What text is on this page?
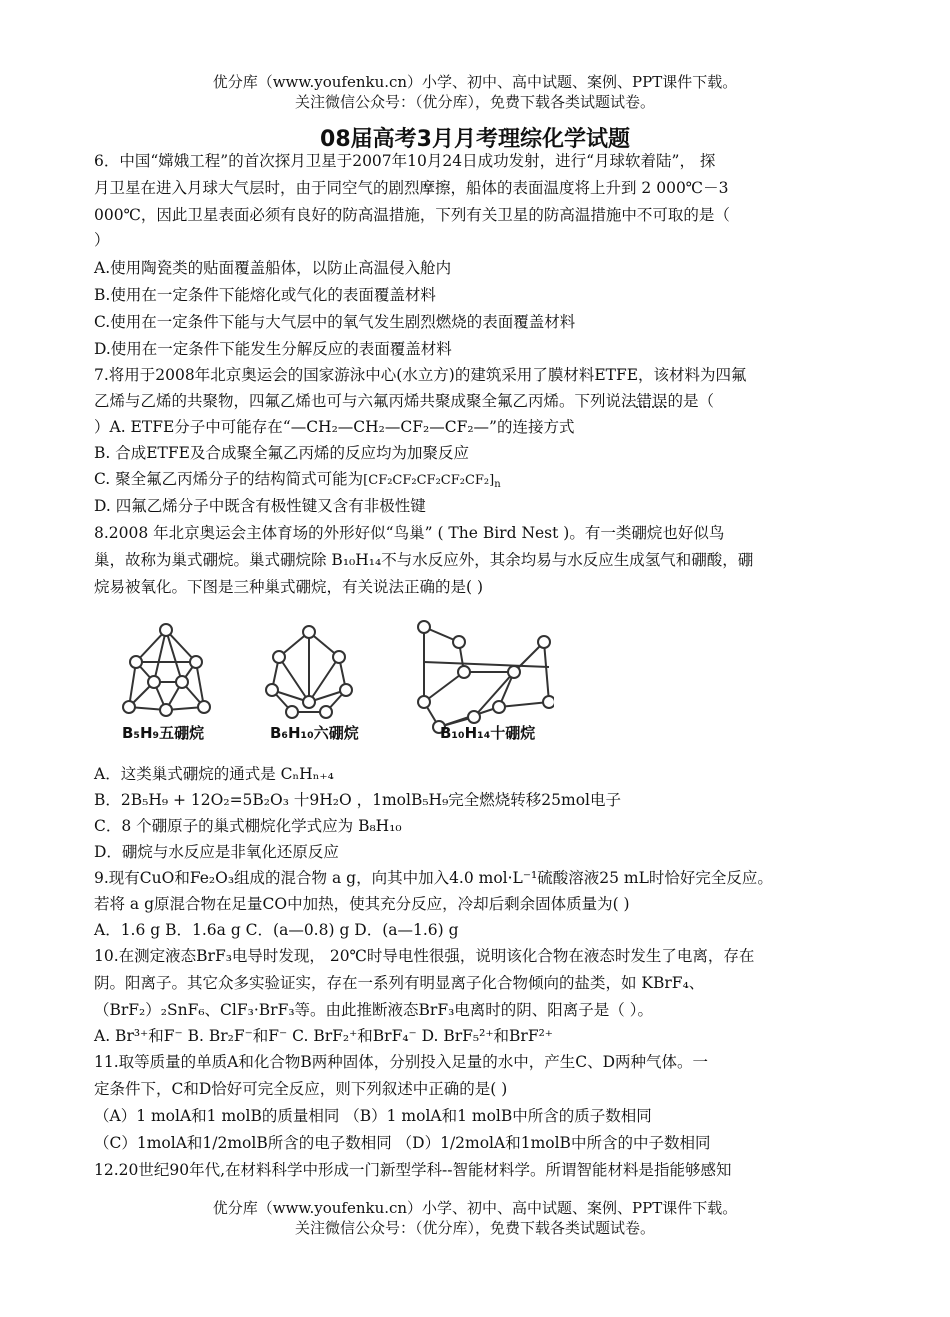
优分库（www.youfenku.cn）小学、初中、高中试题、案例、PPT课件下载。
关注微信公众号：（优分库），免费下载各类试题试卷。
08届高考3月月考理综化学试题
6．中国“嫦娥工程”的首次探月卫星于2007年10月24日成功发射，进行“月球软着陆”， 探
月卫星在进入月球大气层时，由于同空气的剧烈摩擦，船体的表面温度将上升到 2 000℃－3
000℃，因此卫星表面必须有良好的防高温措施，下列有关卫星的防高温措施中不可取的是（
）
A.使用陶瓷类的贴面覆盖船体，以防止高温侵入舱内
B.使用在一定条件下能熔化或气化的表面覆盖材料
C.使用在一定条件下能与大气层中的氧气发生剧烈燃烧的表面覆盖材料
D.使用在一定条件下能发生分解反应的表面覆盖材料
7.将用于2008年北京奥运会的国家游泳中心(水立方)的建筑采用了膜材料ETFE，该材料为四氟
乙烯与乙烯的共聚物，四氟乙烯也可与六氟丙烯共聚成聚全氟乙丙烯。下列说法错误的是（
）A. ETFE分子中可能存在“—CH₂—CH₂—CF₂—CF₂—”的连接方式
B. 合成ETFE及合成聚全氟乙丙烯的反应均为加聚反应
C. 聚全氟乙丙烯分子的结构简式可能为$[CF_2CF_2CF_2CF_2CF_2]_n$
D. 四氟乙烯分子中既含有极性键又含有非极性键
8.2008 年北京奥运会主体育场的外形好似“鸟巢” ( The Bird Nest )。有一类硼烷也好似鸟
巢，故称为巢式硼烷。巢式硼烷除 B₁₀H₁₄不与水反应外，其余均易与水反应生成氢气和硼酸，硼
烷易被氧化。下图是三种巢式硼烷，有关说法正确的是( )
B₅H₉五硼烷	B₆H₁₀六硼烷	B₁₀H₁₄十硼烷
A．这类巢式硼烷的通式是 CₙHₙ₊₄
B．2B₅H₉ + 12O₂=5B₂O₃ 十9H₂O ，1molB₅H₉完全燃烧转移25mol电子
C．8 个硼原子的巢式棚烷化学式应为 B₈H₁₀
D．硼烷与水反应是非氧化还原反应
9.现有CuO和Fe₂O₃组成的混合物 a g，向其中加入4.0 mol·L⁻¹硫酸溶液25 mL时恰好完全反应。
若将 a g原混合物在足量CO中加热，使其充分反应，冷却后剩余固体质量为( )
A．1.6 g B．1.6a g C．(a—0.8) g D．(a—1.6) g
10.在测定液态BrF₃电导时发现， 20℃时导电性很强，说明该化合物在液态时发生了电离，存在
阴。阳离子。其它众多实验证实，存在一系列有明显离子化合物倾向的盐类，如 KBrF₄、
（BrF₂）₂SnF₆、ClF₃·BrF₃等。由此推断液态BrF₃电离时的阴、阳离子是（ ）。
A. Br³⁺和F⁻ B. Br₂F⁻和F⁻ C. BrF₂⁺和BrF₄⁻ D. BrF₅²⁺和BrF²⁺
11.取等质量的单质A和化合物B两种固体，分别投入足量的水中，产生C、D两种气体。一
定条件下，C和D恰好可完全反应，则下列叙述中正确的是( )
（A）1 molA和1 molB的质量相同 （B）1 molA和1 molB中所含的质子数相同
（C）1molA和1/2molB所含的电子数相同 （D）1/2molA和1molB中所含的中子数相同
12.20世纪90年代,在材料科学中形成一门新型学科--智能材料学。所谓智能材料是指能够感知
优分库（www.youfenku.cn）小学、初中、高中试题、案例、PPT课件下载。
关注微信公众号：（优分库），免费下载各类试题试卷。
